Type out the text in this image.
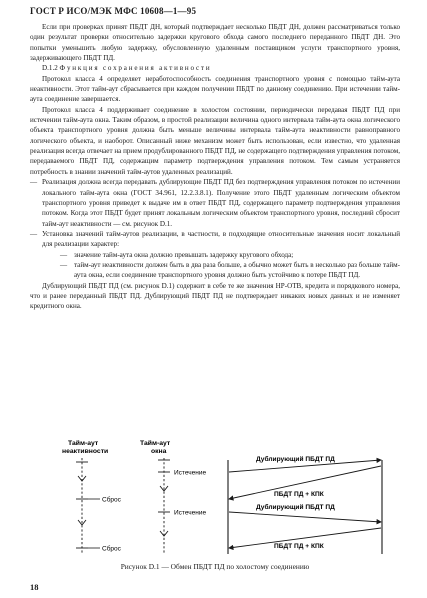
ГОСТ Р ИСО/МЭК МФС 10608—1—95
Если при проверках принят ПБДТ ДН, который подтверждает несколько ПБДТ ДН, должен рассматриваться только один результат проверки относительно задержки кругового обхода самого последнего переданного ПБДТ ДН. Это попытки уменьшить любую задержку, обусловленную удаленным поставщиком услуги транспортного уровня, задерживающего ПБДТ ПД.
D.1.2 Функция сохранения активности
Протокол класса 4 определяет неработоспособность соединения транспортного уровня с помощью тайм-аута неактивности. Этот тайм-аут сбрасывается при каждом получении ПБДТ по данному соединению. При истечении тайм-аута соединение завершается.
Протокол класса 4 поддерживает соединение в холостом состоянии, периодически передавая ПБДТ ПД при истечении тайм-аута окна. Таким образом, в простой реализации величина одного интервала тайм-аута окна логического объекта транспортного уровня должна быть меньше величины интервала тайм-аута неактивности равноправного логического объекта, и наоборот. Описанный ниже механизм может быть использован, если известно, что удаленная реализация всегда отвечает на прием продублированного ПБДТ ПД, не содержащего подтверждения управления потоком, передаваемого ПБДТ ПД, содержащим параметр подтверждения управления потоком. Тем самым устраняется потребность в знании значений тайм-аутов удаленных реализаций.
— Реализация должна всегда передавать дублирующие ПБДТ ПД без подтверждения управления потоком по истечении локального тайм-аута окна (ГОСТ 34.961, 12.2.3.8.1). Получение этого ПБДТ удаленным логическим объектом транспортного уровня приведет к выдаче им в ответ ПБДТ ПД, содержащего параметр подтверждения управления потоком. Когда этот ПБДТ будет принят локальным логическим объектом транспортного уровня, последний сбросит тайм-аут неактивности — см. рисунок D.1.
— Установка значений тайм-аутов реализации, в частности, в подходящие относительные значения носит локальный для реализации характер:
— значение тайм-аута окна должно превышать задержку кругового обхода;
— тайм-аут неактивности должен быть в два раза больше, а обычно может быть в несколько раз больше тайм-аута окна, если соединение транспортного уровня должно быть устойчиво к потере ПБДТ ПД.
Дублирующий ПБДТ ПД (см. рисунок D.1) содержит в себе те же значения НР-ОТВ, кредита и порядкового номера, что и ранее переданный ПБДТ ПД. Дублирующий ПБДТ ПД не подтверждает никаких новых данных и не изменяет кредитного окна.
Тайм-аут
неактивности
Тайм-аут
окна
Сброс
Сброс
Истечение
Истечение
Дублирующий ПБДТ ПД
ПБДТ ПД + КПК
Дублирующий ПБДТ ПД
ПБДТ ПД + КПК
Рисунок D.1 — Обмен ПБДТ ПД по холостому соединению
18
